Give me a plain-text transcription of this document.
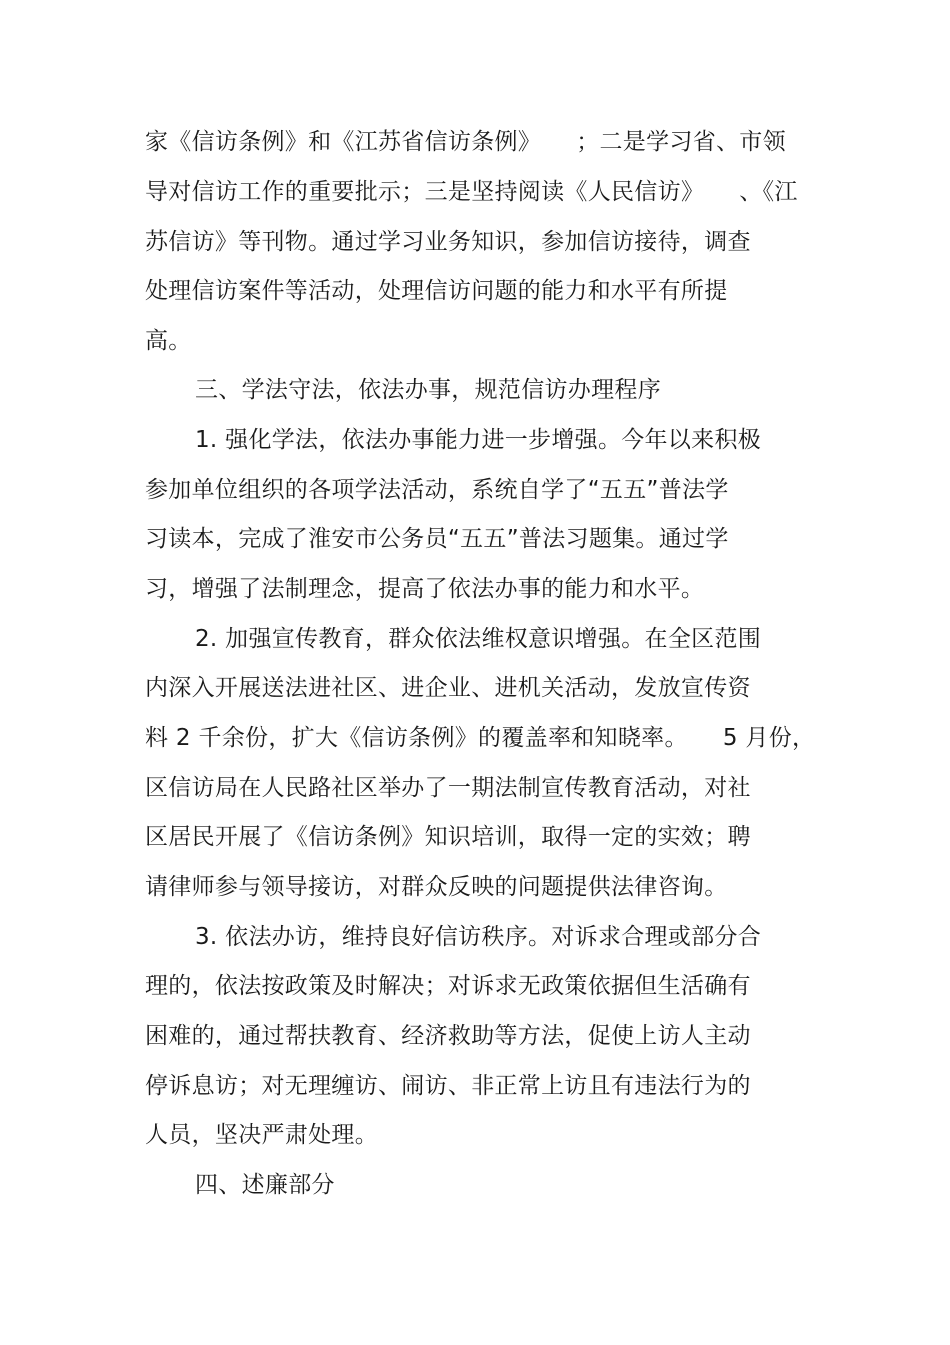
家《信访条例》和《江苏省信访条例》　　；二是学习省、市领
导对信访工作的重要批示；三是坚持阅读《人民信访》　　、《江
苏信访》等刊物。通过学习业务知识，参加信访接待，调查
处理信访案件等活动，处理信访问题的能力和水平有所提
高。
三、学法守法，依法办事，规范信访办理程序
1. 强化学法，依法办事能力进一步增强。今年以来积极
参加单位组织的各项学法活动，系统自学了“五五”普法学
习读本，完成了淮安市公务员“五五”普法习题集。通过学
习，增强了法制理念，提高了依法办事的能力和水平。
2. 加强宣传教育，群众依法维权意识增强。在全区范围
内深入开展送法进社区、进企业、进机关活动，发放宣传资
料 2 千余份，扩大《信访条例》的覆盖率和知晓率。　　5 月份，
区信访局在人民路社区举办了一期法制宣传教育活动，对社
区居民开展了《信访条例》知识培训，取得一定的实效；聘
请律师参与领导接访，对群众反映的问题提供法律咨询。
3. 依法办访，维持良好信访秩序。对诉求合理或部分合
理的，依法按政策及时解决；对诉求无政策依据但生活确有
困难的，通过帮扶教育、经济救助等方法，促使上访人主动
停诉息访；对无理缠访、闹访、非正常上访且有违法行为的
人员，坚决严肃处理。
四、述廉部分
